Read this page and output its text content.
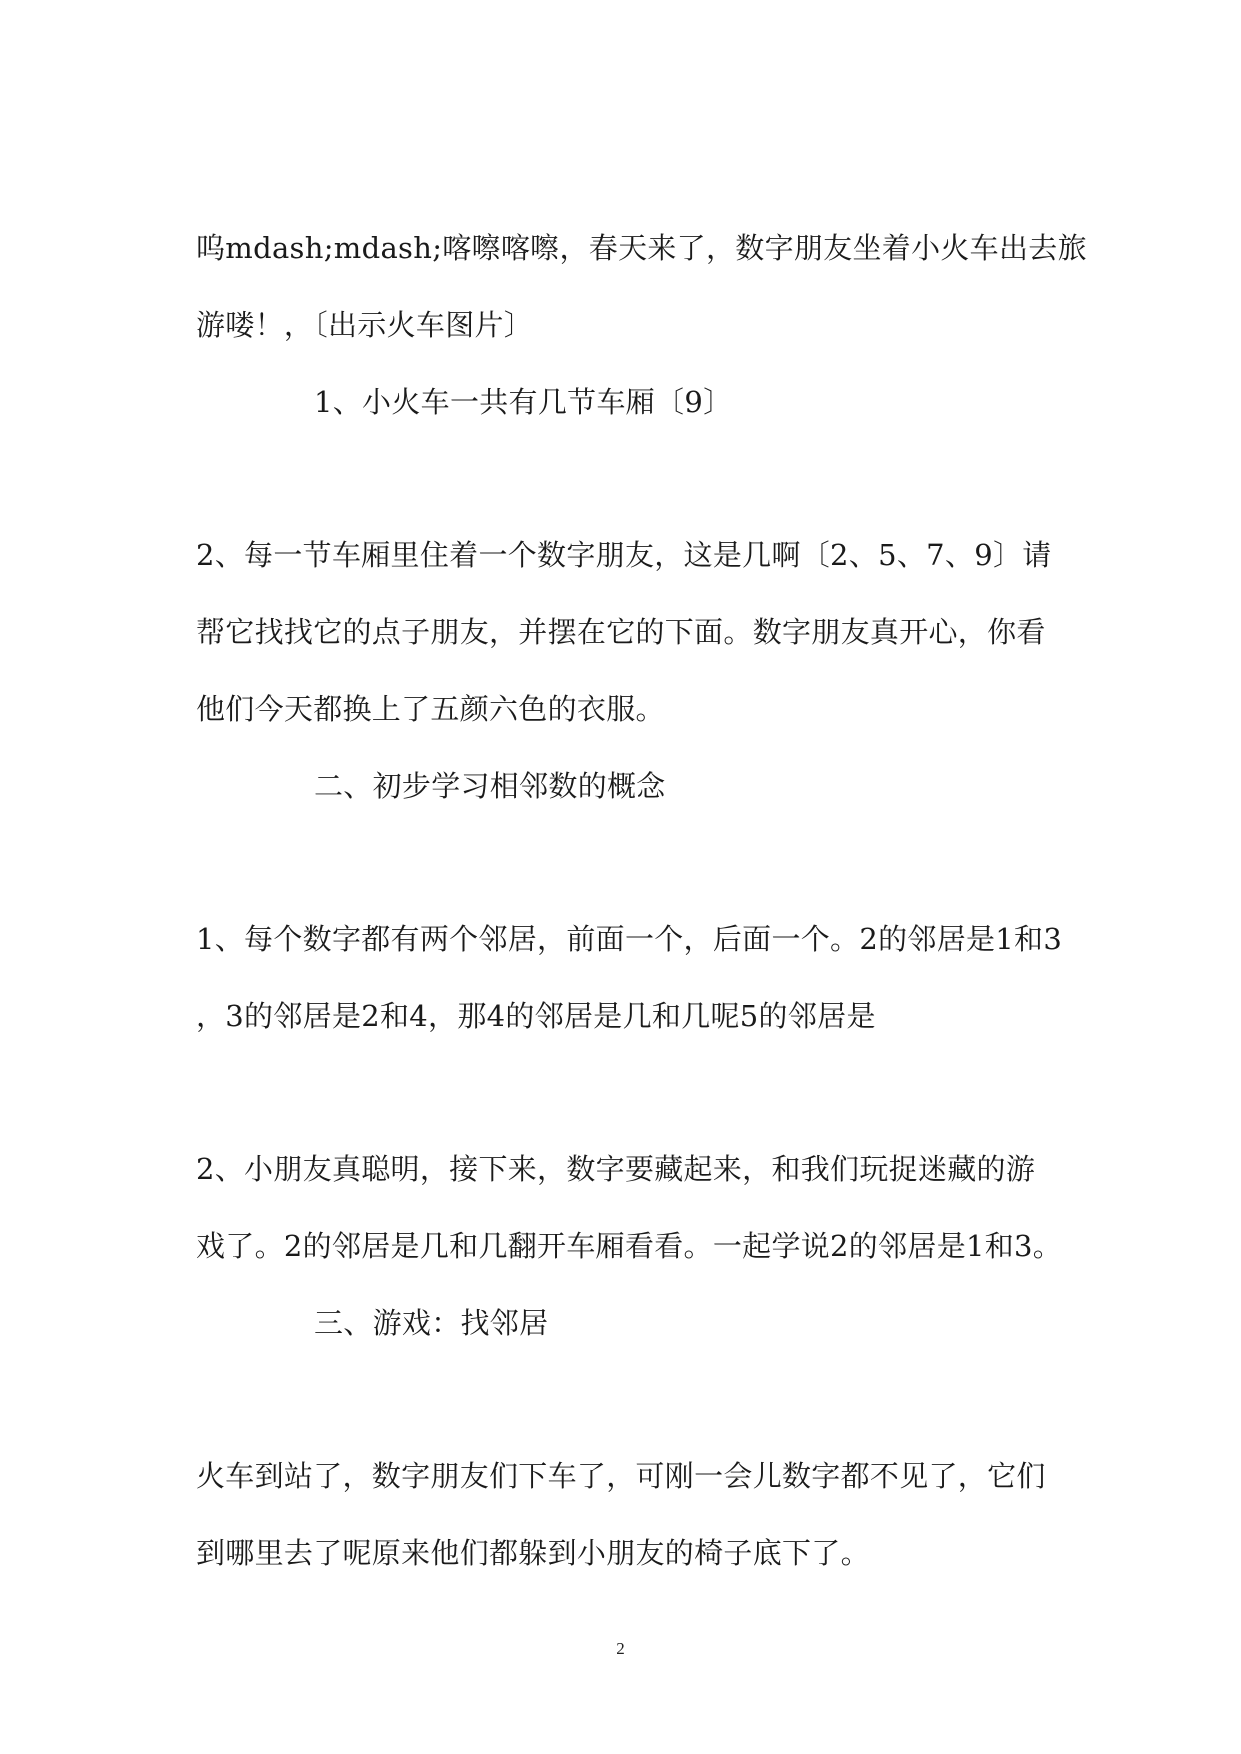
呜mdash;mdash;喀嚓喀嚓，春天来了，数字朋友坐着小火车出去旅
游喽！，〔出示火车图片〕
1、小火车一共有几节车厢〔9〕
2、每一节车厢里住着一个数字朋友，这是几啊〔2、5、7、9〕请
帮它找找它的点子朋友，并摆在它的下面。数字朋友真开心，你看
他们今天都换上了五颜六色的衣服。
二、初步学习相邻数的概念
1、每个数字都有两个邻居，前面一个，后面一个。2的邻居是1和3
，3的邻居是2和4，那4的邻居是几和几呢5的邻居是
2、小朋友真聪明，接下来，数字要藏起来，和我们玩捉迷藏的游
戏了。2的邻居是几和几翻开车厢看看。一起学说2的邻居是1和3。
三、游戏：找邻居
火车到站了，数字朋友们下车了，可刚一会儿数字都不见了，它们
到哪里去了呢原来他们都躲到小朋友的椅子底下了。
2
